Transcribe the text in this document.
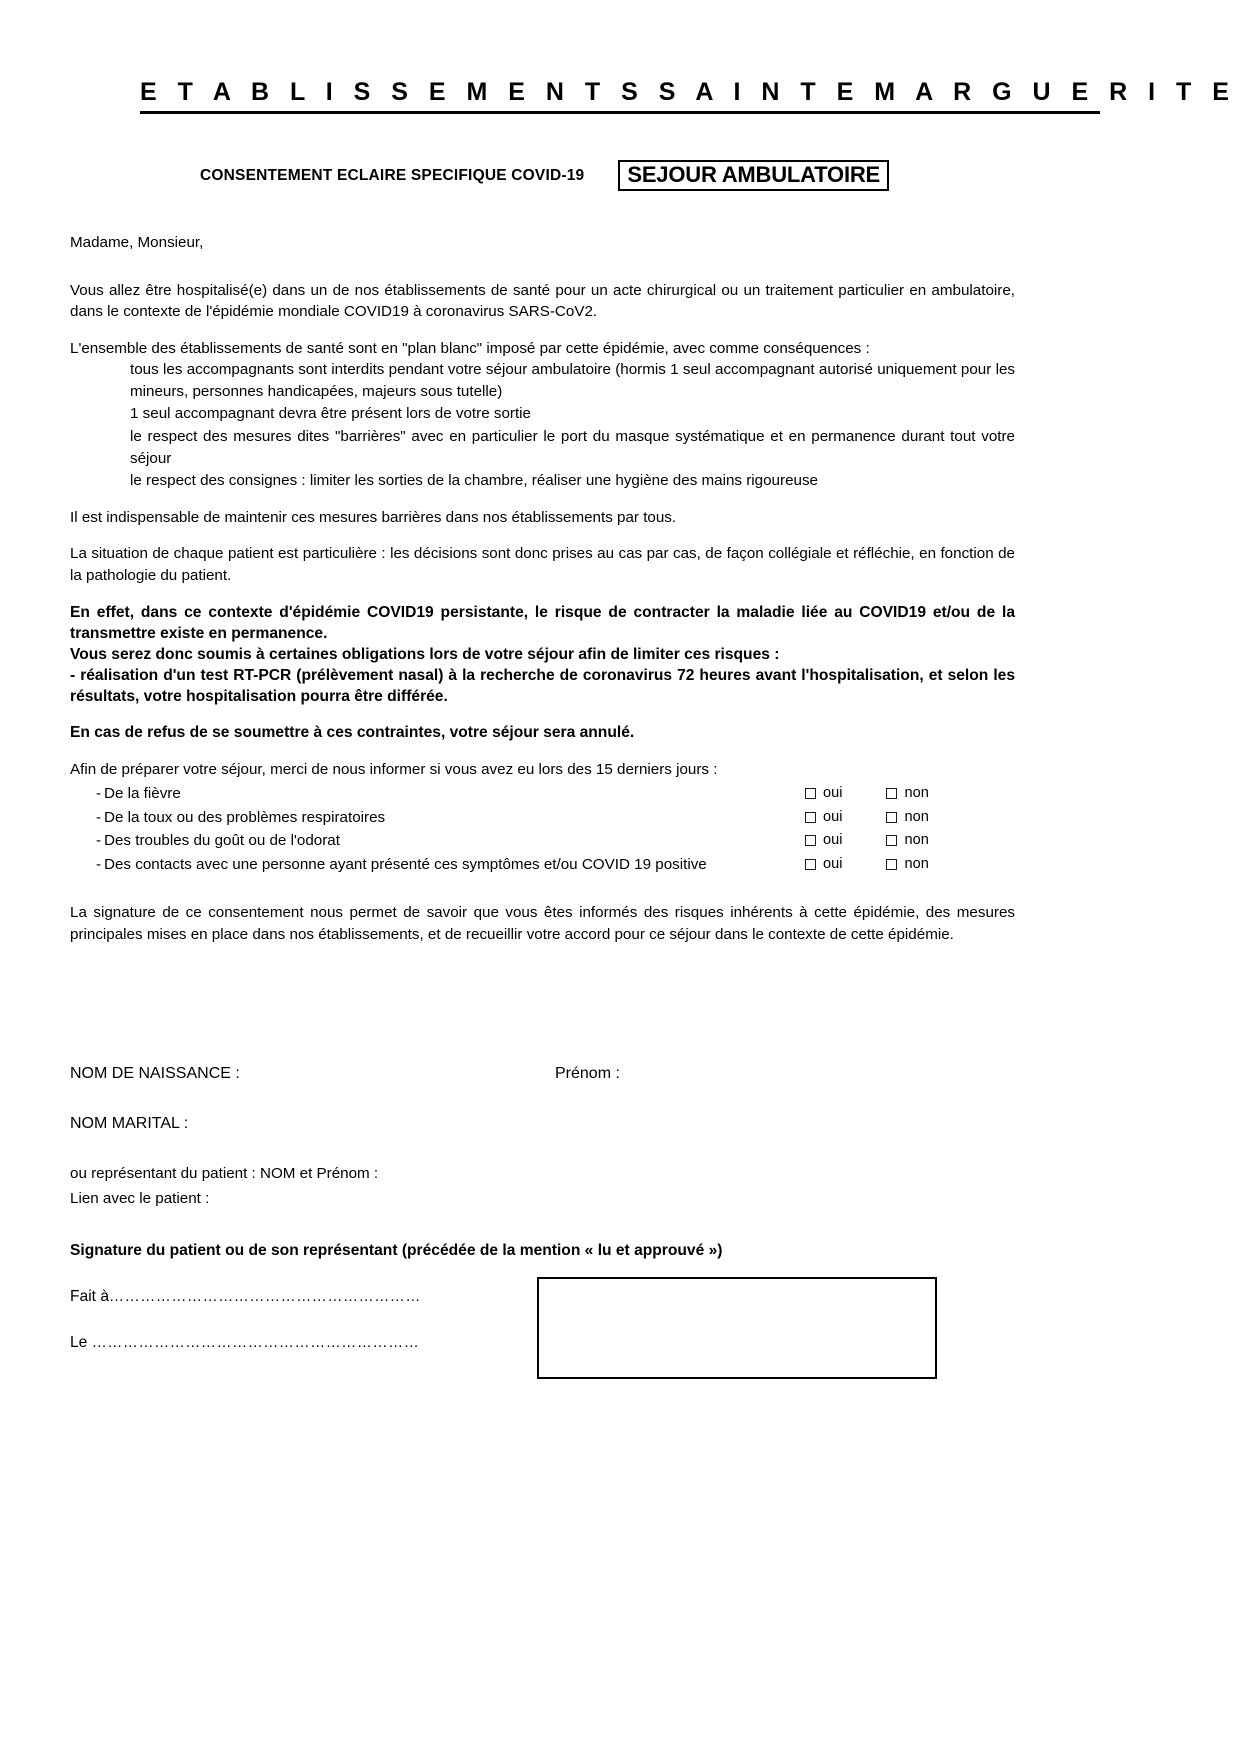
E T A B L I S S E M E N T S S A I N T E M A R G U E R I T E
CONSENTEMENT ECLAIRE SPECIFIQUE COVID-19	SEJOUR AMBULATOIRE

Madame, Monsieur,

Vous allez être hospitalisé(e) dans un de nos établissements de santé pour un acte chirurgical ou un traitement particulier en ambulatoire, dans le contexte de l'épidémie mondiale COVID19 à coronavirus SARS-CoV2.

L'ensemble des établissements de santé sont en "plan blanc" imposé par cette épidémie, avec comme conséquences :

tous les accompagnants sont interdits pendant votre séjour ambulatoire (hormis 1 seul accompagnant autorisé uniquement pour les mineurs, personnes handicapées, majeurs sous tutelle)
1 seul accompagnant devra être présent lors de votre sortie
le respect des mesures dites "barrières" avec en particulier le port du masque systématique et en permanence durant tout votre séjour
le respect des consignes : limiter les sorties de la chambre, réaliser une hygiène des mains rigoureuse

Il est indispensable de maintenir ces mesures barrières dans nos établissements par tous.

La situation de chaque patient est particulière : les décisions sont donc prises au cas par cas, de façon collégiale et réfléchie, en fonction de la pathologie du patient.

En effet, dans ce contexte d'épidémie COVID19 persistante, le risque de contracter la maladie liée au COVID19 et/ou de la transmettre existe en permanence.
Vous serez donc soumis à certaines obligations lors de votre séjour afin de limiter ces risques :
- réalisation d'un test RT-PCR (prélèvement nasal) à la recherche de coronavirus 72 heures avant l'hospitalisation, et selon les résultats, votre hospitalisation pourra être différée.

En cas de refus de se soumettre à ces contraintes, votre séjour sera annulé.

Afin de préparer votre séjour, merci de nous informer si vous avez eu lors des 15 derniers jours :

- De la fièvre	oui	non
- De la toux ou des problèmes respiratoires	oui	non
- Des troubles du goût ou de l'odorat	oui	non
- Des contacts avec une personne ayant présenté ces symptômes et/ou COVID 19 positive	oui	non

La signature de ce consentement nous permet de savoir que vous êtes informés des risques inhérents à cette épidémie, des mesures principales mises en place dans nos établissements, et de recueillir votre accord pour ce séjour dans le contexte de cette épidémie.

NOM DE NAISSANCE :	Prénom :
NOM MARITAL :
ou représentant du patient : NOM et Prénom :
Lien avec le patient :
Signature du patient ou de son représentant (précédée de la mention « lu et approuvé »)
Fait à……………………………………………………
Le ………………………………………………………
